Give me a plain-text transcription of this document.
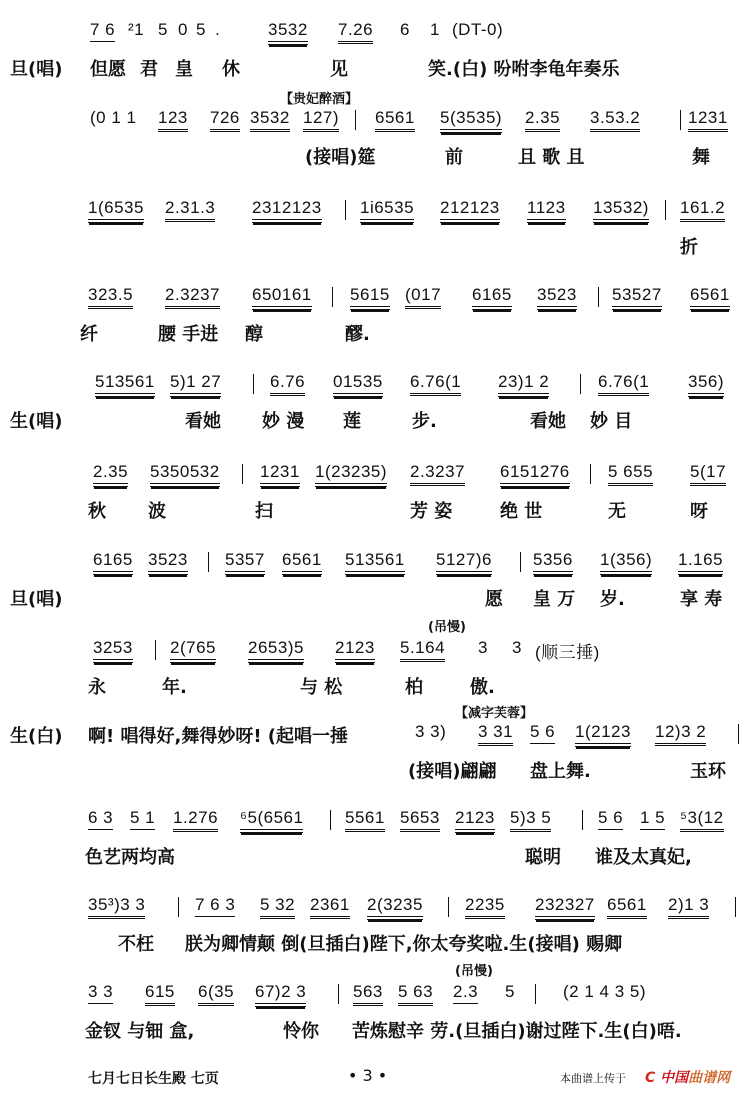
7 6 ²1 5 0 5 .	3532 7.26 6 1 (DT-0)
旦(唱) 但愿 君 皇 休	见	笑.(白) 吩咐李龟年奏乐
【贵妃醉酒】
(0 1 1 123 726 3532 127) 6561 5(3535) 2.35 3.53.2	1231
(接唱)筵	前	且 歌 且	舞
1(6535 2.31.3 2312123 1i6535 212123 1123 13532) 161.2
折
323.5 2.3237 650161 5615 (017 6165 3523 53527 6561
纤	腰 手进 醇	醪.
513561 5)1 27	6.76 01535 6.76(1 23)1 2	6.76(1 356)
生(唱)	看她 妙 漫 莲	步.	看她 妙 目
2.35 5350532 1231 1(23235) 2.3237 6151276 5 655 5(17
秋 波	扫	芳 姿	绝 世	无	呀
6165 3523 5357 6561 513561 5127)6 5356 1(356) 1.165
旦(唱)	愿 皇 万 岁.	享 寿
(吊慢)
3253 2(765 2653)5 2123 5.164 3 3 (顺三捶)
永	年.	与 松	柏	傲.
【减字芙蓉】
3 3) 3 31 5 6 1(2123 12)3 2
生(白) 啊! 唱得好,舞得妙呀! (起唱一捶
(接唱)翩翩 盘上舞.	玉环
6 3 5 1 1.276 ⁶5(6561 5561 5653 2123 5)3 5	5 6 1 5 ⁵3(12
色艺两均高	聪明 谁及太真妃,
35³)3 3	7 6 3 5 32 2361 2(3235 2235 232327 6561 2)1 3
不枉 朕为卿情颠 倒(旦插白)陛下,你太夸奖啦.生(接唱) 赐卿
(吊慢)
3 3 615 6(35 67)2 3	563 5 63 2.3 5	(2 1 4 3 5)
金钗 与钿 盒,	怜你 苦炼慰辛 劳.(旦插白)谢过陛下.生(白)唔.
七月七日长生殿 七页	• 3 •	本曲谱上传于 C 中国曲谱网
